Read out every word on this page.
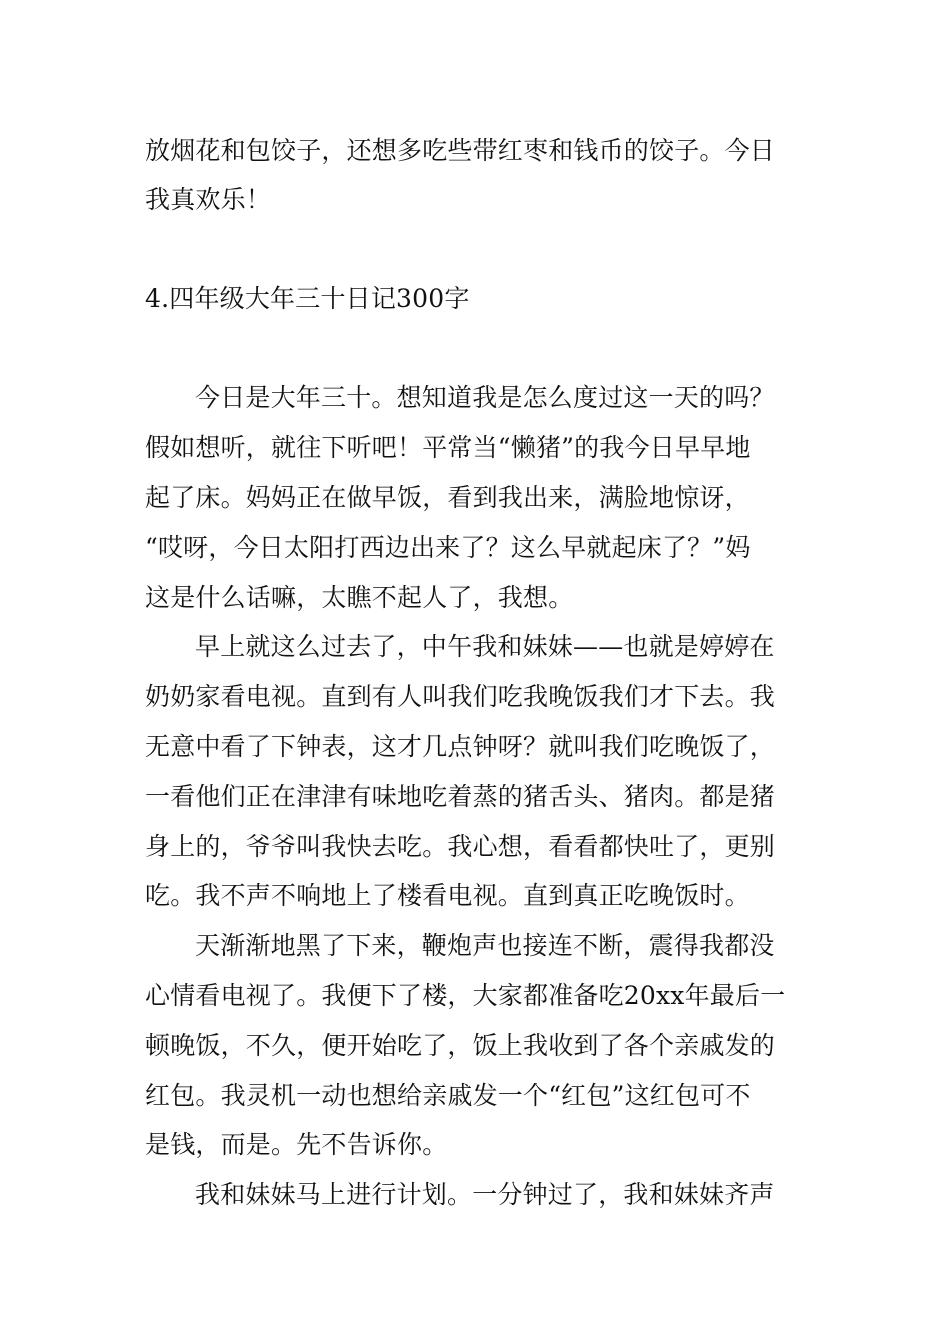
放烟花和包饺子，还想多吃些带红枣和钱币的饺子。今日
我真欢乐！
4.四年级大年三十日记300字
今日是大年三十。想知道我是怎么度过这一天的吗？
假如想听，就往下听吧！平常当“懒猪”的我今日早早地
起了床。妈妈正在做早饭，看到我出来，满脸地惊讶，
“哎呀，今日太阳打西边出来了？这么早就起床了？”妈
这是什么话嘛，太瞧不起人了，我想。
早上就这么过去了，中午我和妹妹——也就是婷婷在
奶奶家看电视。直到有人叫我们吃我晚饭我们才下去。我
无意中看了下钟表，这才几点钟呀？就叫我们吃晚饭了，
一看他们正在津津有味地吃着蒸的猪舌头、猪肉。都是猪
身上的，爷爷叫我快去吃。我心想，看看都快吐了，更别
吃。我不声不响地上了楼看电视。直到真正吃晚饭时。
天渐渐地黑了下来，鞭炮声也接连不断，震得我都没
心情看电视了。我便下了楼，大家都准备吃20xx年最后一
顿晚饭，不久，便开始吃了，饭上我收到了各个亲戚发的
红包。我灵机一动也想给亲戚发一个“红包”这红包可不
是钱，而是。先不告诉你。
我和妹妹马上进行计划。一分钟过了，我和妹妹齐声
